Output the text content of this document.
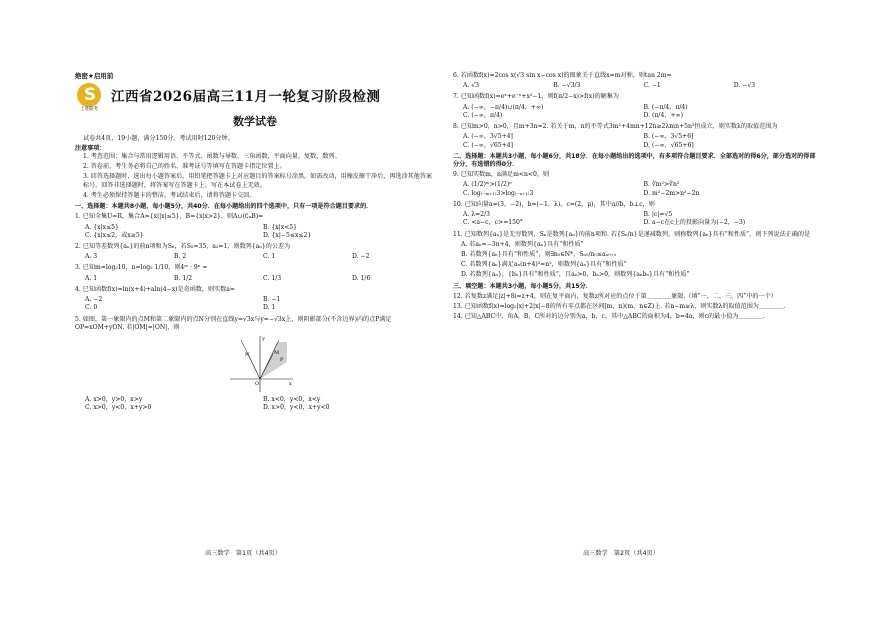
绝密★启用前
S
上进联考
江西省2026届高三11月一轮复习阶段检测
数学试卷
试卷共4页，19小题，满分150分。考试用时120分钟。
注意事项：
1. 考查范围：集合与常用逻辑用语、不等式、函数与导数、三角函数、平面向量、复数、数列。
2. 答卷前，考生务必将自己的姓名、准考证号等填写在答题卡指定位置上。
3. 回答选择题时，选出每小题答案后，用铅笔把答题卡上对应题目的答案标号涂黑。如需改动，用橡皮擦干净后，再选涂其他答案标号。回答非选择题时，将答案写在答题卡上。写在本试卷上无效。
4. 考生必须保持答题卡的整洁。考试结束后，请将答题卡交回。
一、选择题：本题共8小题，每小题5分，共40分．在每小题给出的四个选项中，只有一项是符合题目要求的．
1. 已知全集U=R，集合A={x||x|≤5}，B={x|x>2}，则A∪(∁ᵤB)=
A. {x|x≤5}	B. {x|x<5}
C. {x|x≤2，或x≥5}	D. {x|−5≤x≤2}
2. 已知等差数列{aₙ}的前n项和为Sₙ，若S₅=35，a₂=1，则数列{aₙ}的公差为
A. 3	B. 2	C. 1	D. −2
3. 已知m=log₂10，n=log₅ 1/10，则4ᵐ · 9ⁿ =
A. 1	B. 1/2	C. 1/3	D. 1/6
4. 已知函数f(x)=ln(x+4)+aln(4−x)是奇函数，则实数a=
A. −2	B. −1
C. 0	D. 1
5. 如图，第一象限内的点M和第二象限内的点N分别在直线y=√3x与y=−√3x上，则阴影部分(不含边界)内的点P满足 OP=xOM+yON. 若|OM|=|ON|，则
y
N	M
P
O	x
A. x>0，y>0，x>y	B. x<0，y<0，x<y
C. x>0，y<0，x+y>0	D. x>0，y<0，x+y<0
6. 若函数f(x)=2cos x(√3 sin x−cos x)的图象关于直线x=m对称，则tan 2m=
A. √3	B. −√3/3	C. −1	D. −√3
7. 已知函数f(x)=eˣ+e⁻ˣ+x²−1，则f(π/2−x)>f(x)的解集为
A. (−∞，−π/4)∪(π/4，+∞)	B. (−π/4，π/4)
C. (−∞，π/4)	D. (π/4，+∞)
8. 已知m>0，n>0，且m+3n=2. 若关于m，n的不等式3m²+4mn+12n≥2λmn+5n²恒成立，则实数λ的取值范围为
A. (−∞，3√5+4]	B. (−∞，3√5+6]
C. (−∞，√65+4]	D. (−∞，√65+6]
二、选择题：本题共3小题，每小题6分，共18分．在每小题给出的选项中，有多项符合题目要求．全部选对的得6分，部分选对的得部分分，有选错的得0分．
9. 已知实数m，n满足m<n<0，则
A. (1/2)ᵐ>(1/2)ⁿ	B. ∛m²>∛n²
C. log₍₋ₘ₊₁₎3>log₍₋ₙ₊₁₎3	D. m²−2m>n²−2n
10. 已知向量a=(3，−2)，b=(−1，λ)，c=(2，μ)，其中a//b，b⊥c，则
A. λ=2/3	B. |c|=√5
C. <a−c，c>=150°	D. a−c在c上的投影向量为(−2，−3)
11. 已知数列{aₙ}是无穷数列，Sₙ是数列{aₙ}的前n项和. 若{Sₙ/n}是递减数列，则称数列{aₙ}具有“和性质”，则下列说法正确的是
A. 若aₙ=−3n+4，则数列{aₙ}具有“和性质”
B. 若数列{aₙ}具有“和性质”，则∃n₀∈N*，Sₙ₀/n₀≤aₙ₀₊₁
C. 若数列{aₙ}满足aₙ(n+4)³=n²，则数列{aₙ}具有“和性质”
D. 若数列{aₙ}，{bₙ}具有“和性质”，且aₙ>0，bₙ>0，则数列{aₙbₙ}具有“和性质”
三、填空题：本题共3小题，每小题5分，共15分．
12. 若复数z满足|z|+8i=z+4，则在复平面内，复数z所对应的点位于第＿＿＿＿象限.（填“一、二、三、四”中的一个）
13. 已知函数f(x)=log₂|x|+2|x|−8的所有零点都在区间[m，n)(m，n∈Z)上. 若n−m≥λ，则实数λ的取值范围为＿＿＿＿.
14. 已知△ABC中，角A，B，C所对的边分别为a，b，c，其中△ABC的面积为4，b=4a，则c的最小值为＿＿＿＿.
高三数学　第1页（共4页）	高三数学　第2页（共4页）
